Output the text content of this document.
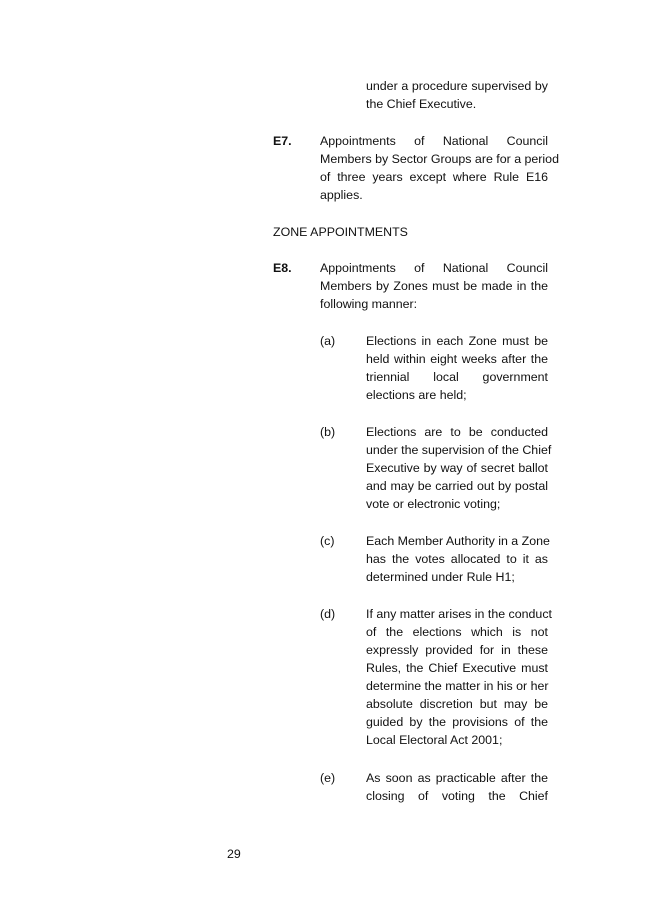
under a procedure supervised by
the Chief Executive.
E7. Appointments of National Council
Members by Sector Groups are for a period
of three years except where Rule E16
applies.
ZONE APPOINTMENTS
E8. Appointments of National Council
Members by Zones must be made in the
following manner:
(a) Elections in each Zone must be
held within eight weeks after the
triennial local government
elections are held;
(b) Elections are to be conducted
under the supervision of the Chief
Executive by way of secret ballot
and may be carried out by postal
vote or electronic voting;
(c)	Each Member Authority in a Zone
has the votes allocated to it as
determined under Rule H1;
(d) If any matter arises in the conduct
of the elections which is not
expressly provided for in these
Rules, the Chief Executive must
determine the matter in his or her
absolute discretion but may be
guided by the provisions of the
Local Electoral Act 2001;
(e) As soon as practicable after the
closing of voting the Chief
29
